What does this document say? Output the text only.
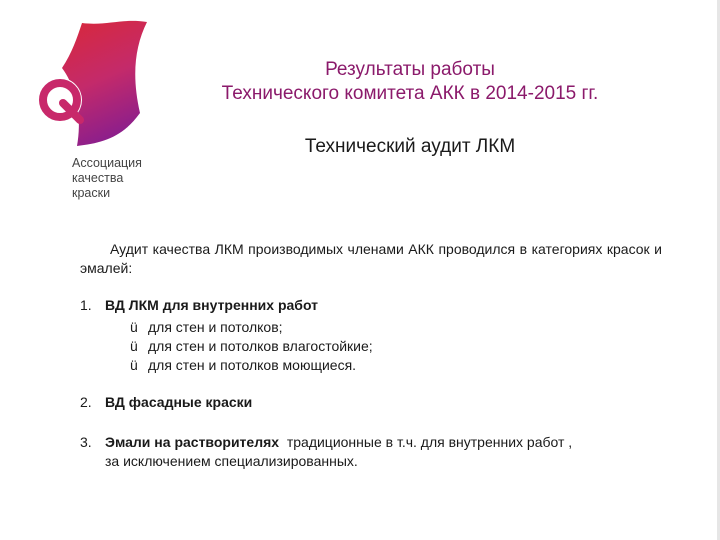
Ассоциация
качества
краски
Результаты работы
Технического комитета АКК в 2014-2015 гг.
Технический аудит ЛКМ
Аудит качества ЛКМ производимых членами АКК проводился в категориях красок и эмалей:
1. ВД ЛКМ для внутренних работ
ü для стен и потолков;
ü для стен и потолков влагостойкие;
ü для стен и потолков моющиеся.
2. ВД фасадные краски
3. Эмали на растворителях традиционные в т.ч. для внутренних работ ,
за исключением специализированных.
